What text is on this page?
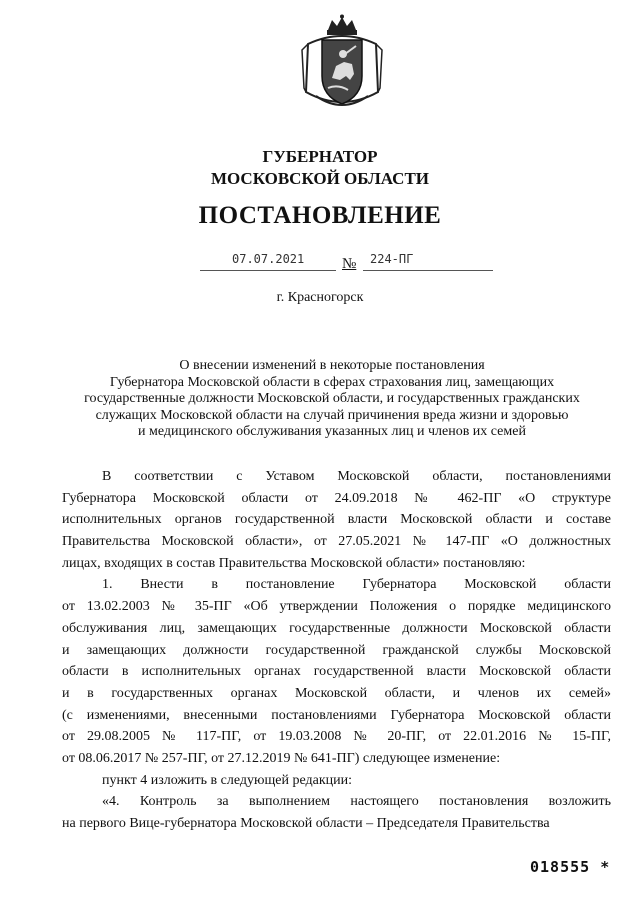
ГУБЕРНАТОР
МОСКОВСКОЙ ОБЛАСТИ
ПОСТАНОВЛЕНИЕ
07.07.2021	№ 224-ПГ
г. Красногорск
О внесении изменений в некоторые постановления
Губернатора Московской области в сферах страхования лиц, замещающих
государственные должности Московской области, и государственных гражданских
служащих Московской области на случай причинения вреда жизни и здоровью
и медицинского обслуживания указанных лиц и членов их семей
В соответствии с Уставом Московской области, постановлениями
Губернатора Московской области от 24.09.2018 № 462-ПГ «О структуре
исполнительных органов государственной власти Московской области и составе
Правительства Московской области», от 27.05.2021 № 147-ПГ «О должностных
лицах, входящих в состав Правительства Московской области» постановляю:
1. Внести в постановление Губернатора Московской области
от 13.02.2003 № 35-ПГ «Об утверждении Положения о порядке медицинского
обслуживания лиц, замещающих государственные должности Московской области
и замещающих должности государственной гражданской службы Московской
области в исполнительных органах государственной власти Московской области
и в государственных органах Московской области, и членов их семей»
(с изменениями, внесенными постановлениями Губернатора Московской области
от 29.08.2005 № 117-ПГ, от 19.03.2008 № 20-ПГ, от 22.01.2016 № 15-ПГ,
от 08.06.2017 № 257-ПГ, от 27.12.2019 № 641-ПГ) следующее изменение:
пункт 4 изложить в следующей редакции:
«4. Контроль за выполнением настоящего постановления возложить
на первого Вице-губернатора Московской области – Председателя Правительства
018555 *
